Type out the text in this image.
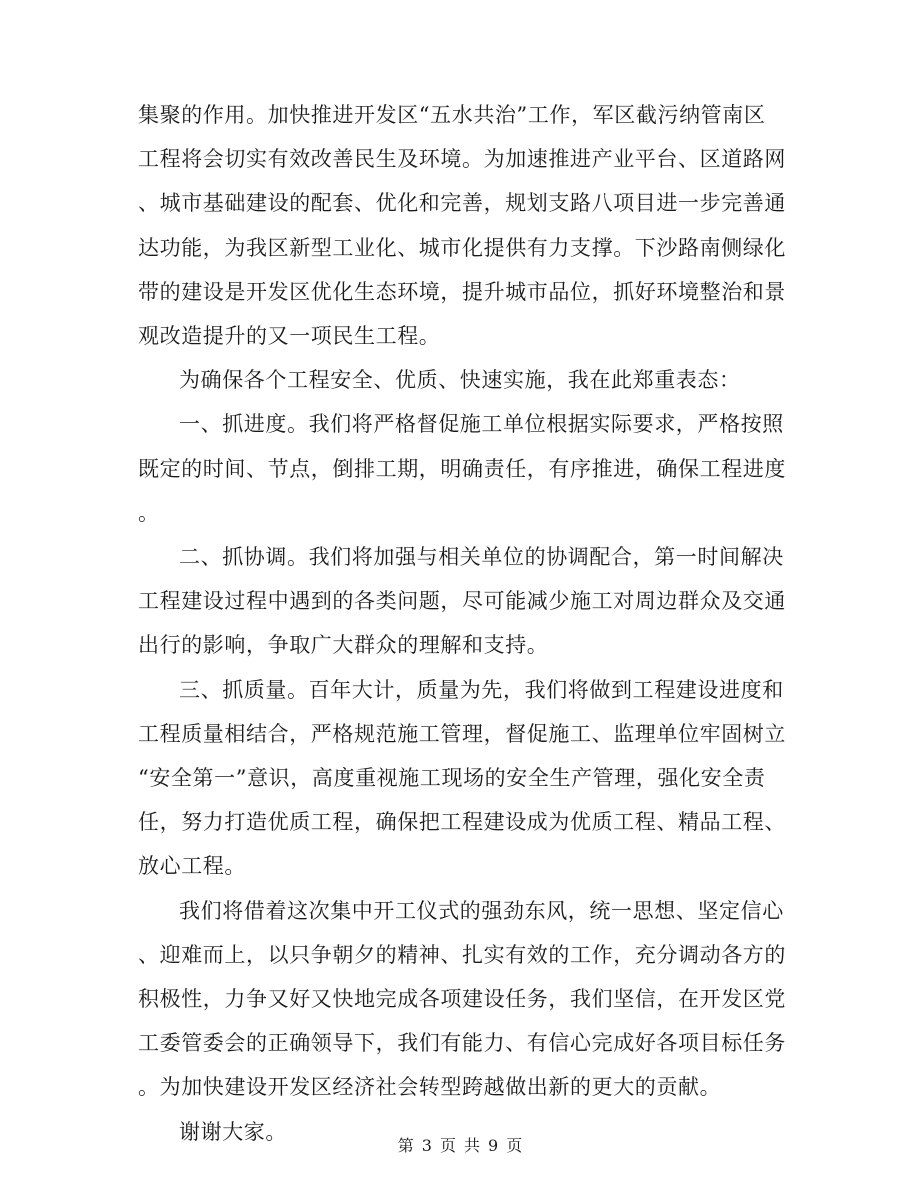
集聚的作用。加快推进开发区“五水共治”工作，军区截污纳管南区
工程将会切实有效改善民生及环境。为加速推进产业平台、区道路网
、城市基础建设的配套、优化和完善，规划支路八项目进一步完善通
达功能，为我区新型工业化、城市化提供有力支撑。下沙路南侧绿化
带的建设是开发区优化生态环境，提升城市品位，抓好环境整治和景
观改造提升的又一项民生工程。
为确保各个工程安全、优质、快速实施，我在此郑重表态：
一、抓进度。我们将严格督促施工单位根据实际要求，严格按照
既定的时间、节点，倒排工期，明确责任，有序推进，确保工程进度
。
二、抓协调。我们将加强与相关单位的协调配合，第一时间解决
工程建设过程中遇到的各类问题，尽可能减少施工对周边群众及交通
出行的影响，争取广大群众的理解和支持。
三、抓质量。百年大计，质量为先，我们将做到工程建设进度和
工程质量相结合，严格规范施工管理，督促施工、监理单位牢固树立
“安全第一”意识，高度重视施工现场的安全生产管理，强化安全责
任，努力打造优质工程，确保把工程建设成为优质工程、精品工程、
放心工程。
我们将借着这次集中开工仪式的强劲东风，统一思想、坚定信心
、迎难而上，以只争朝夕的精神、扎实有效的工作，充分调动各方的
积极性，力争又好又快地完成各项建设任务，我们坚信，在开发区党
工委管委会的正确领导下，我们有能力、有信心完成好各项目标任务
。为加快建设开发区经济社会转型跨越做出新的更大的贡献。
谢谢大家。
第 3 页 共 9 页
